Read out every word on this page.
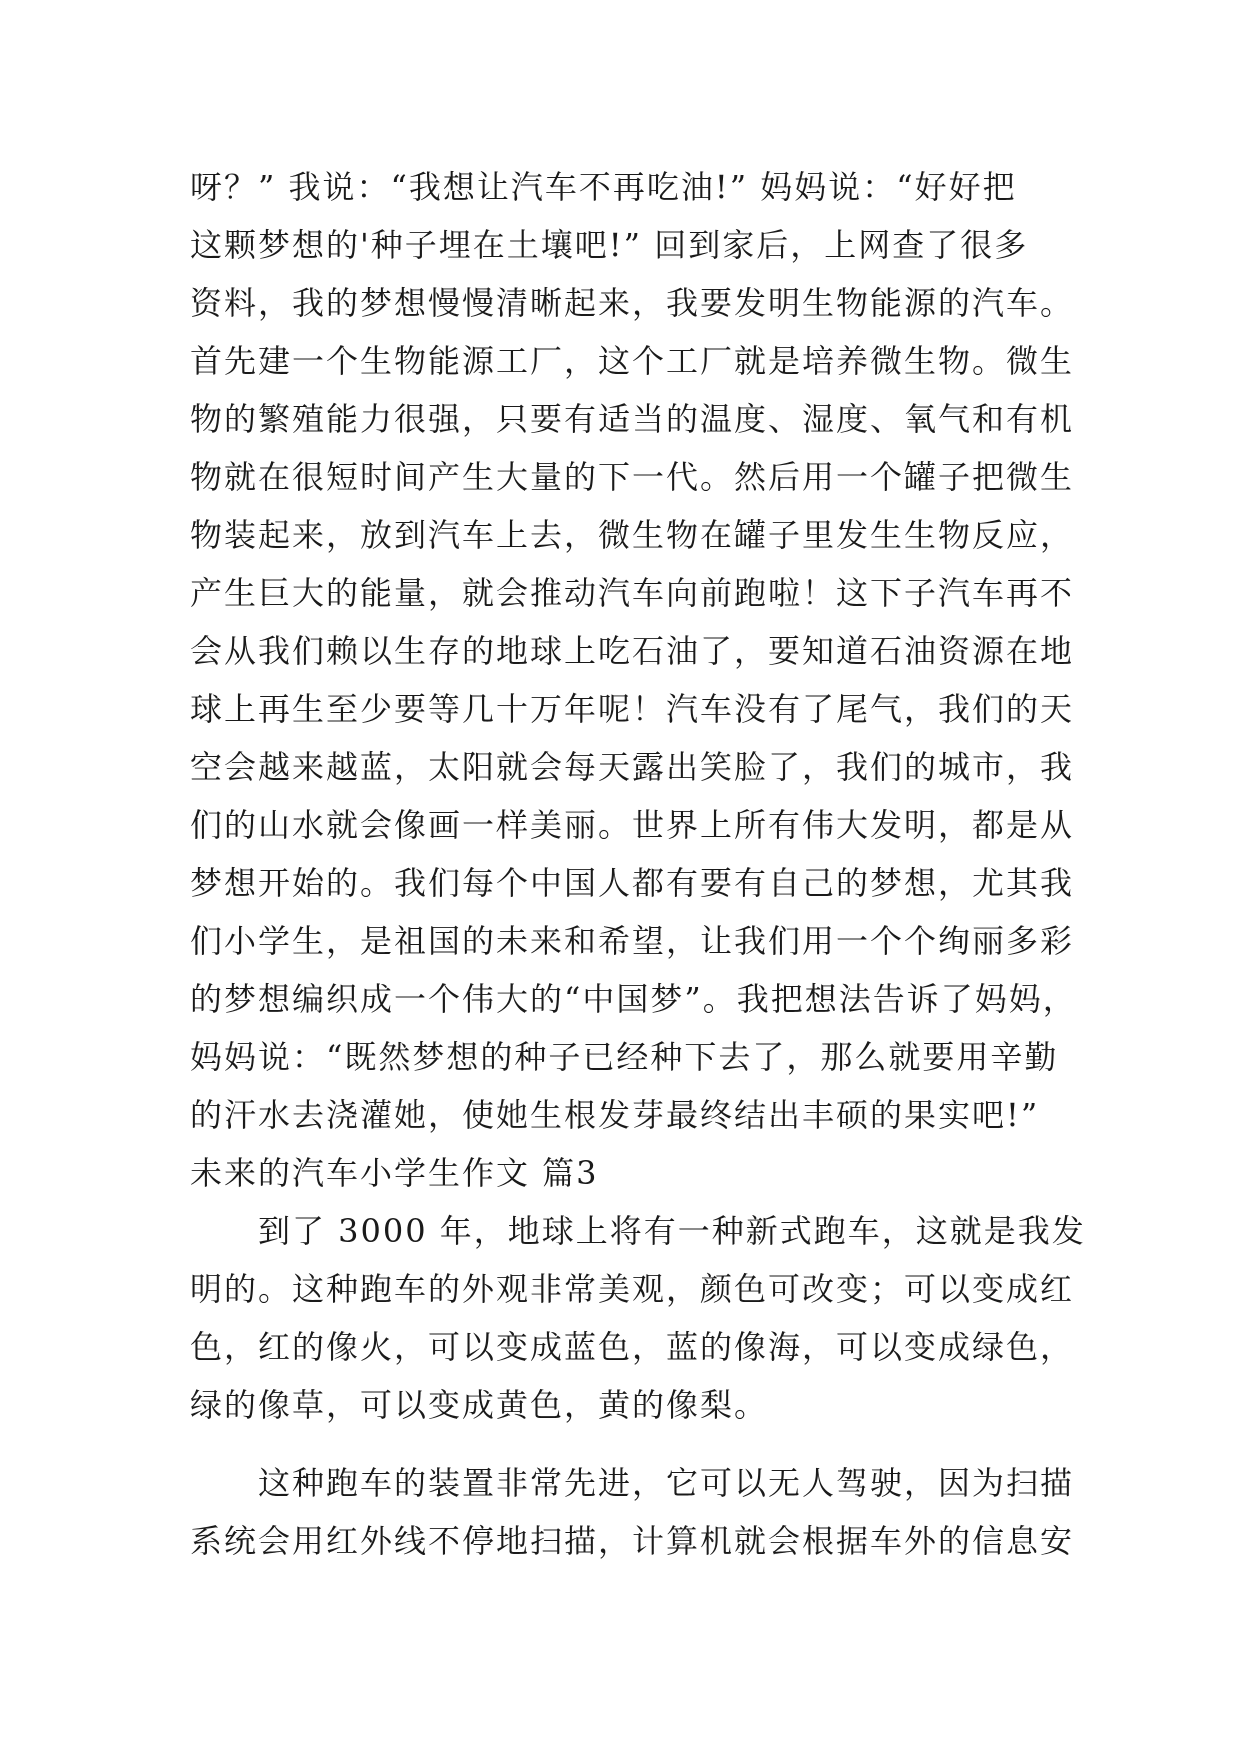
呀？” 我说：“我想让汽车不再吃油!” 妈妈说：“好好把
这颗梦想的'种子埋在土壤吧!” 回到家后，上网查了很多
资料，我的梦想慢慢清晰起来，我要发明生物能源的汽车。
首先建一个生物能源工厂，这个工厂就是培养微生物。微生
物的繁殖能力很强，只要有适当的温度、湿度、氧气和有机
物就在很短时间产生大量的下一代。然后用一个罐子把微生
物装起来，放到汽车上去，微生物在罐子里发生生物反应，
产生巨大的能量，就会推动汽车向前跑啦！这下子汽车再不
会从我们赖以生存的地球上吃石油了，要知道石油资源在地
球上再生至少要等几十万年呢！汽车没有了尾气，我们的天
空会越来越蓝，太阳就会每天露出笑脸了，我们的城市，我
们的山水就会像画一样美丽。世界上所有伟大发明，都是从
梦想开始的。我们每个中国人都有要有自己的梦想，尤其我
们小学生，是祖国的未来和希望，让我们用一个个绚丽多彩
的梦想编织成一个伟大的“中国梦”。我把想法告诉了妈妈，
妈妈说：“既然梦想的种子已经种下去了，那么就要用辛勤
的汗水去浇灌她，使她生根发芽最终结出丰硕的果实吧!”
未来的汽车小学生作文 篇3
到了 3000 年，地球上将有一种新式跑车，这就是我发
明的。这种跑车的外观非常美观，颜色可改变；可以变成红
色，红的像火，可以变成蓝色，蓝的像海，可以变成绿色，
绿的像草，可以变成黄色，黄的像梨。
这种跑车的装置非常先进，它可以无人驾驶，因为扫描
系统会用红外线不停地扫描，计算机就会根据车外的信息安
